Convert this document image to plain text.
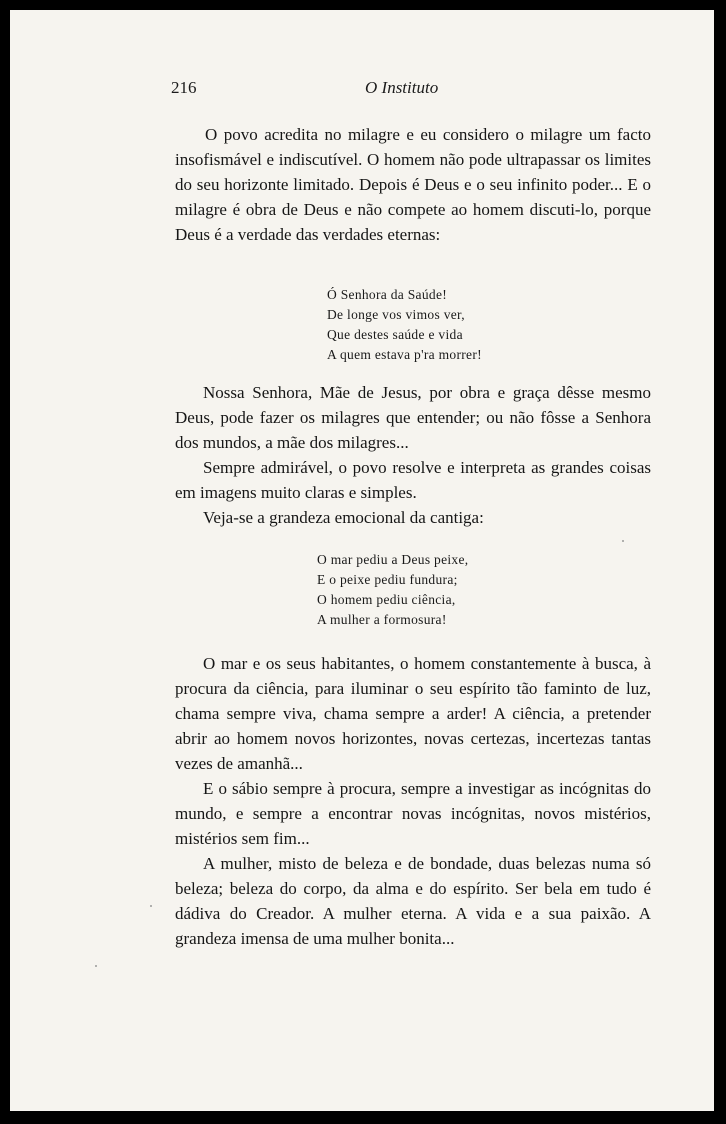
216	O Instituto

O povo acredita no milagre e eu considero o milagre um facto insofismável e indiscutível. O homem não pode ultrapassar os limites do seu horizonte limitado. Depois é Deus e o seu infinito poder... E o milagre é obra de Deus e não compete ao homem discuti-lo, porque Deus é a verdade das verdades eternas:

Ó Senhora da Saúde!
De longe vos vimos ver,
Que destes saúde e vida
A quem estava p'ra morrer!

Nossa Senhora, Mãe de Jesus, por obra e graça dêsse mesmo Deus, pode fazer os milagres que entender; ou não fôsse a Senhora dos mundos, a mãe dos milagres...

Sempre admirável, o povo resolve e interpreta as grandes coisas em imagens muito claras e simples.

Veja-se a grandeza emocional da cantiga:

O mar pediu a Deus peixe,
E o peixe pediu fundura;
O homem pediu ciência,
A mulher a formosura!

O mar e os seus habitantes, o homem constantemente à busca, à procura da ciência, para iluminar o seu espírito tão faminto de luz, chama sempre viva, chama sempre a arder! A ciência, a pretender abrir ao homem novos horizontes, novas certezas, incertezas tantas vezes de amanhã...

E o sábio sempre à procura, sempre a investigar as incógnitas do mundo, e sempre a encontrar novas incógnitas, novos mistérios, mistérios sem fim...

A mulher, misto de beleza e de bondade, duas belezas numa só beleza; beleza do corpo, da alma e do espírito. Ser bela em tudo é dádiva do Creador. A mulher eterna. A vida e a sua paixão. A grandeza imensa de uma mulher bonita...
